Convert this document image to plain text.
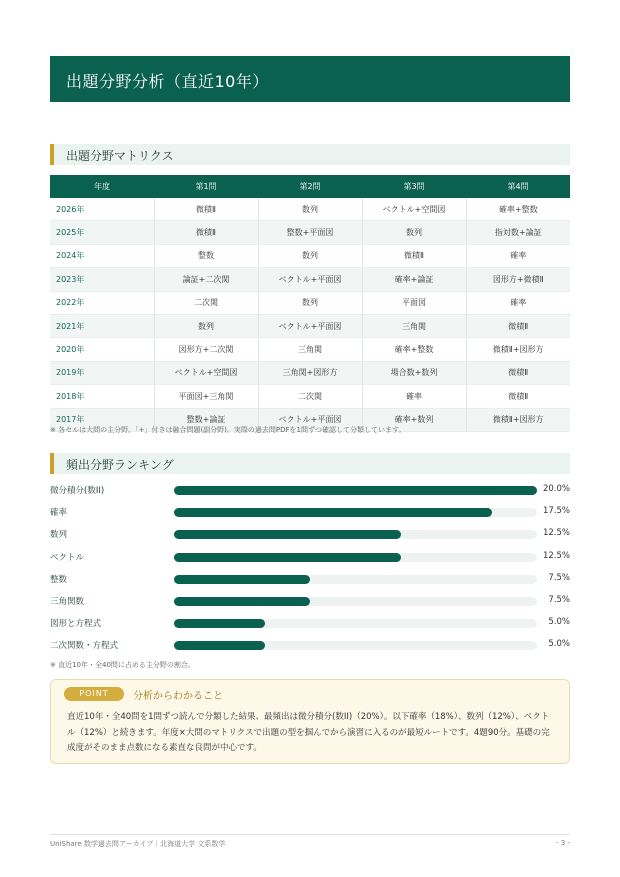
出題分野分析（直近10年）
出題分野マトリクス
年度	第1問	第2問	第3問	第4問
2026年	微積Ⅱ	数列	ベクトル+空間図	確率+整数
2025年	微積Ⅱ	整数+平面図	数列	指対数+論証
2024年	整数	数列	微積Ⅱ	確率
2023年	論証+二次関	ベクトル+平面図	確率+論証	図形方+微積Ⅱ
2022年	二次関	数列	平面図	確率
2021年	数列	ベクトル+平面図	三角関	微積Ⅱ
2020年	図形方+二次関	三角関	確率+整数	微積Ⅱ+図形方
2019年	ベクトル+空間図	三角関+図形方	場合数+数列	微積Ⅱ
2018年	平面図+三角関	二次関	確率	微積Ⅱ
2017年	整数+論証	ベクトル+平面図	確率+数列	微積Ⅱ+図形方
※ 各セルは大問の主分野。「+」付きは融合問題(副分野)。実際の過去問PDFを1問ずつ確認して分類しています。
頻出分野ランキング
微分積分(数II)	20.0%
確率	17.5%
数列	12.5%
ベクトル	12.5%
整数	7.5%
三角関数	7.5%
図形と方程式	5.0%
二次関数・方程式	5.0%
※ 直近10年・全40問に占める主分野の割合。
POINT	分析からわかること
直近10年・全40問を1問ずつ読んで分類した結果、最頻出は微分積分(数II)（20%）。以下確率（18%）、数列（12%）、ベクトル（12%）と続きます。年度×大問のマトリクスで出題の型を掴んでから演習に入るのが最短ルートです。4題90分。基礎の完成度がそのまま点数になる素直な良問が中心です。
UniShare 数学過去問アーカイブ｜北海道大学 文系数学	- 3 -
